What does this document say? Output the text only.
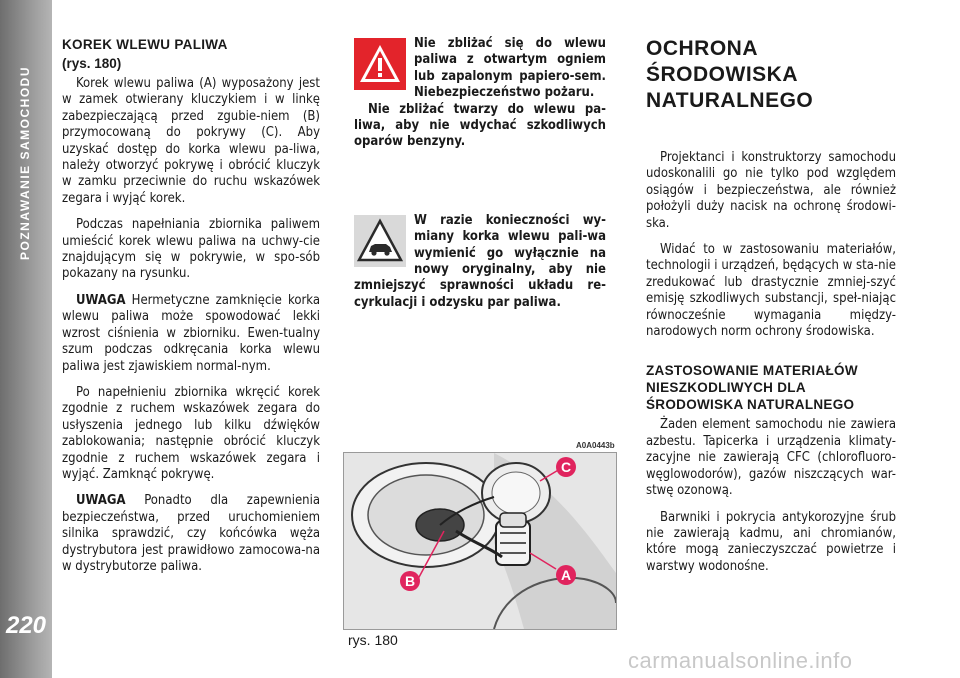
POZNAWANIE SAMOCHODU
220
KOREK WLEWU PALIWA
(rys. 180)

Korek wlewu paliwa (A) wyposażony jest w zamek otwierany kluczykiem i w linkę zabezpieczającą przed zgubie-niem (B) przymocowaną do pokrywy (C). Aby uzyskać dostęp do korka wlewu pa-liwa, należy otworzyć pokrywę i obrócić kluczyk w zamku przeciwnie do ruchu wskazówek zegara i wyjąć korek.

Podczas napełniania zbiornika paliwem umieścić korek wlewu paliwa na uchwy-cie znajdującym się w pokrywie, w spo-sób pokazany na rysunku.

UWAGA Hermetyczne zamknięcie korka wlewu paliwa może spowodować lekki wzrost ciśnienia w zbiorniku. Ewen-tualny szum podczas odkręcania korka wlewu paliwa jest zjawiskiem normal-nym.

Po napełnieniu zbiornika wkręcić korek zgodnie z ruchem wskazówek zegara do usłyszenia jednego lub kilku dźwięków zablokowania; następnie obrócić kluczyk zgodnie z ruchem wskazówek zegara i wyjąć. Zamknąć pokrywę.

UWAGA Ponadto dla zapewnienia bezpieczeństwa, przed uruchomieniem silnika sprawdzić, czy końcówka węża dystrybutora jest prawidłowo zamocowa-na w dystrybutorze paliwa.

Nie zbliżać się do wlewu paliwa z otwartym ogniem lub zapalonym papiero-sem. Niebezpieczeństwo pożaru.

Nie zbliżać twarzy do wlewu pa-liwa, aby nie wdychać szkodliwych oparów benzyny.

W razie konieczności wy-miany korka wlewu pali-wa wymienić go wyłącznie na nowy oryginalny, aby nie zmniejszyć sprawności układu re-cyrkulacji i odzysku par paliwa.
A0A0443b
C
B	A
rys. 180
OCHRONA ŚRODOWISKA NATURALNEGO

Projektanci i konstruktorzy samochodu udoskonalili go nie tylko pod względem osiągów i bezpieczeństwa, ale również położyli duży nacisk na ochronę środowi-ska.

Widać to w zastosowaniu materiałów, technologii i urządzeń, będących w sta-nie zredukować lub drastycznie zmniej-szyć emisję szkodliwych substancji, speł-niając równocześnie wymagania między-narodowych norm ochrony środowiska.

ZASTOSOWANIE MATERIAŁÓW NIESZKODLIWYCH DLA ŚRODOWISKA NATURALNEGO

Żaden element samochodu nie zawiera azbestu. Tapicerka i urządzenia klimaty-zacyjne nie zawierają CFC (chlorofluoro-węglowodorów), gazów niszczących war-stwę ozonową.

Barwniki i pokrycia antykorozyjne śrub nie zawierają kadmu, ani chromianów, które mogą zanieczyszczać powietrze i warstwy wodonośne.

carmanualsonline.info
